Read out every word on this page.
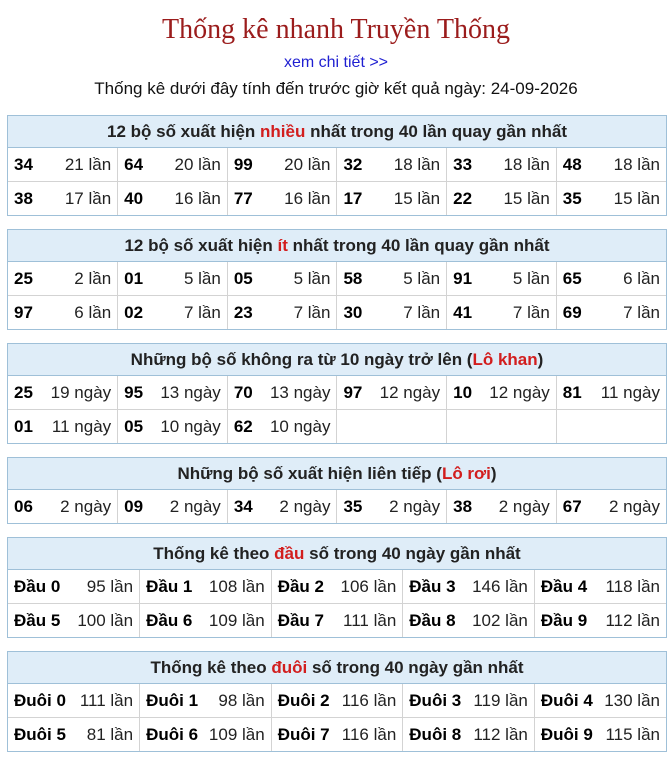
Thống kê nhanh Truyền Thống
xem chi tiết >>
Thống kê dưới đây tính đến trước giờ kết quả ngày: 24-09-2026
12 bộ số xuất hiện nhiều nhất trong 40 lần quay gần nhất
34 21 lần	64 20 lần	99 20 lần	32 18 lần	33 18 lần	48 18 lần

38 17 lần	40 16 lần	77 16 lần	17 15 lần	22 15 lần	35 15 lần
12 bộ số xuất hiện ít nhất trong 40 lần quay gần nhất
25 2 lần	01 5 lần	05 5 lần	58 5 lần	91 5 lần	65 6 lần

97 6 lần	02 7 lần	23 7 lần	30 7 lần	41 7 lần	69 7 lần
Những bộ số không ra từ 10 ngày trở lên (Lô khan)
25 19 ngày	95 13 ngày	70 13 ngày	97 12 ngày	10 12 ngày	81 11 ngày

01 11 ngày	05 10 ngày	62 10 ngày			

Những bộ số xuất hiện liên tiếp (Lô rơi)
06 2 ngày	09 2 ngày	34 2 ngày	35 2 ngày	38 2 ngày	67 2 ngày
Thống kê theo đầu số trong 40 ngày gần nhất
Đầu 0 95 lần	Đầu 1 108 lần	Đầu 2 106 lần	Đầu 3 146 lần	Đầu 4 118 lần

Đầu 5 100 lần	Đầu 6 109 lần	Đầu 7 111 lần	Đầu 8 102 lần	Đầu 9 112 lần
Thống kê theo đuôi số trong 40 ngày gần nhất
Đuôi 0 111 lần	Đuôi 1 98 lần	Đuôi 2 116 lần	Đuôi 3 119 lần	Đuôi 4 130 lần

Đuôi 5 81 lần	Đuôi 6 109 lần	Đuôi 7 116 lần	Đuôi 8 112 lần	Đuôi 9 115 lần
